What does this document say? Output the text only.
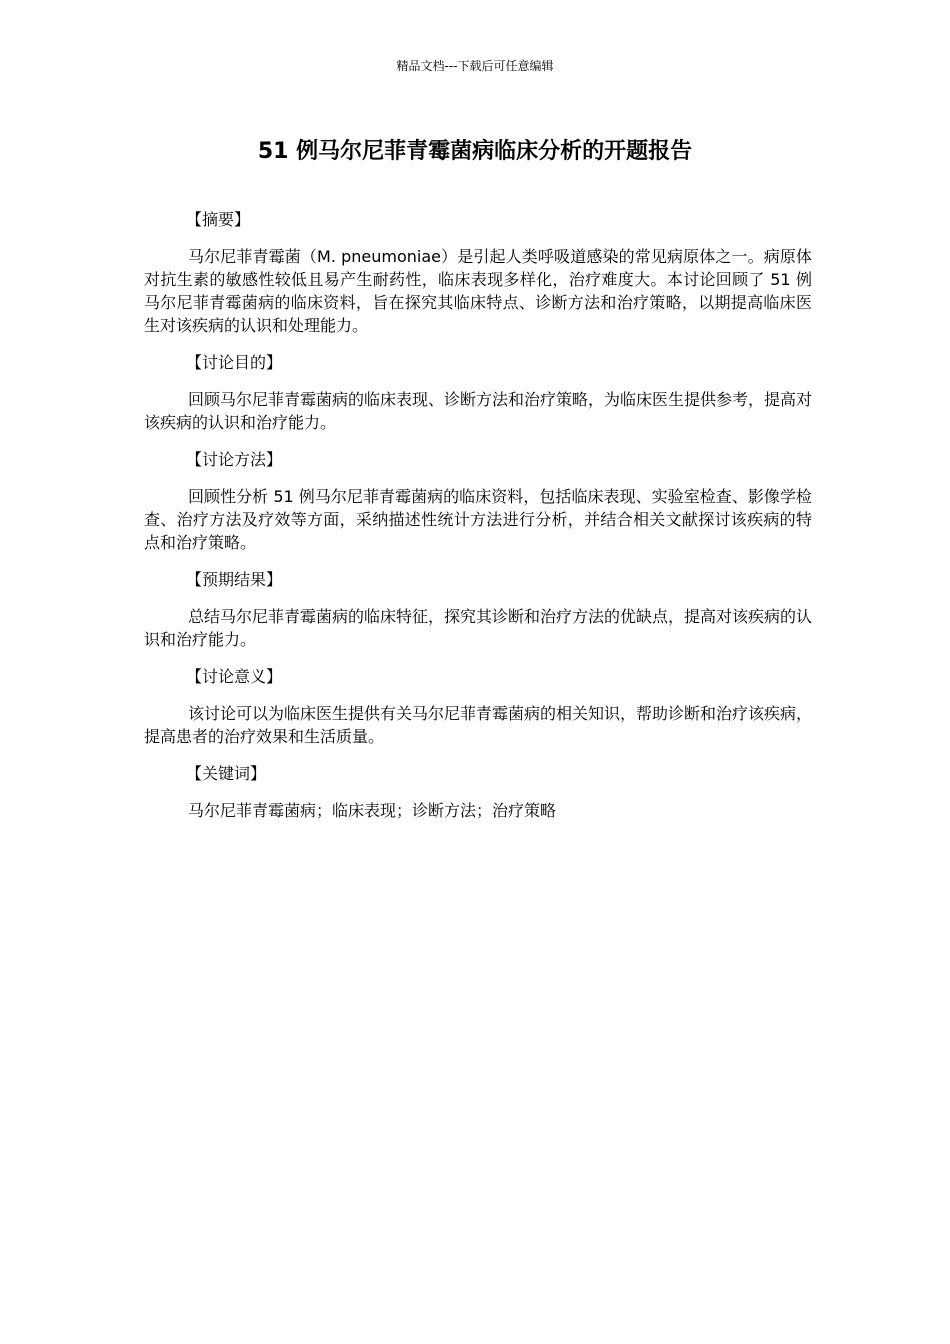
精品文档---下载后可任意编辑
51 例马尔尼菲青霉菌病临床分析的开题报告

【摘要】

马尔尼菲青霉菌（M. pneumoniae）是引起人类呼吸道感染的常见病原体之一。病原体对抗生素的敏感性较低且易产生耐药性，临床表现多样化，治疗难度大。本讨论回顾了 51 例马尔尼菲青霉菌病的临床资料，旨在探究其临床特点、诊断方法和治疗策略，以期提高临床医生对该疾病的认识和处理能力。

【讨论目的】

回顾马尔尼菲青霉菌病的临床表现、诊断方法和治疗策略，为临床医生提供参考，提高对该疾病的认识和治疗能力。

【讨论方法】

回顾性分析 51 例马尔尼菲青霉菌病的临床资料，包括临床表现、实验室检查、影像学检查、治疗方法及疗效等方面，采纳描述性统计方法进行分析，并结合相关文献探讨该疾病的特点和治疗策略。

【预期结果】

总结马尔尼菲青霉菌病的临床特征，探究其诊断和治疗方法的优缺点，提高对该疾病的认识和治疗能力。

【讨论意义】

该讨论可以为临床医生提供有关马尔尼菲青霉菌病的相关知识，帮助诊断和治疗该疾病，提高患者的治疗效果和生活质量。

【关键词】

马尔尼菲青霉菌病；临床表现；诊断方法；治疗策略
